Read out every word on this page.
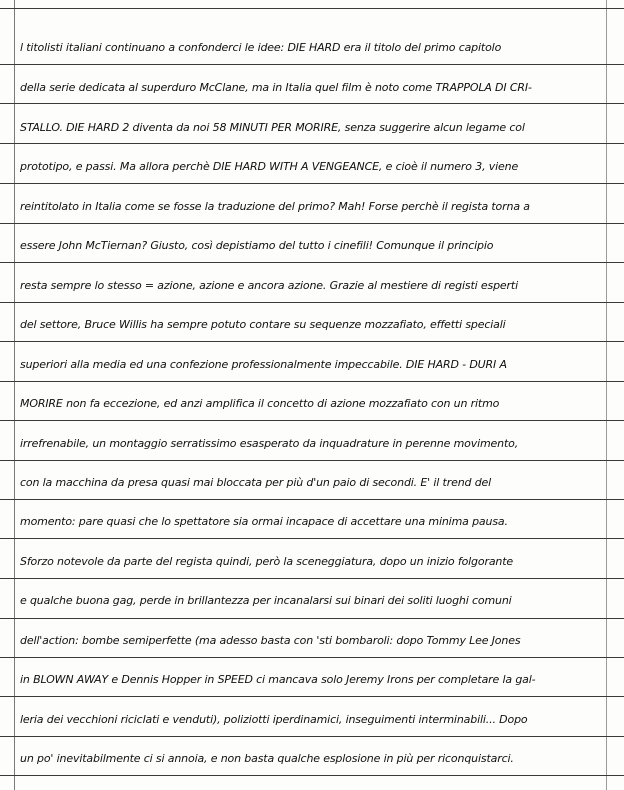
l titolisti italiani continuano a confonderci le idee: DIE HARD era il titolo del primo capitolo
della serie dedicata al superduro McClane, ma in Italia quel film è noto come TRAPPOLA DI CRI-
STALLO. DIE HARD 2 diventa da noi 58 MINUTI PER MORIRE, senza suggerire alcun legame col
prototipo, e passi. Ma allora perchè DIE HARD WITH A VENGEANCE, e cioè il numero 3, viene
reintitolato in Italia come se fosse la traduzione del primo? Mah! Forse perchè il regista torna a
essere John McTiernan? Giusto, così depistiamo del tutto i cinefili! Comunque il principio
resta sempre lo stesso = azione, azione e ancora azione. Grazie al mestiere di registi esperti
del settore, Bruce Willis ha sempre potuto contare su sequenze mozzafiato, effetti speciali
superiori alla media ed una confezione professionalmente impeccabile. DIE HARD - DURI A
MORIRE non fa eccezione, ed anzi amplifica il concetto di azione mozzafiato con un ritmo
irrefrenabile, un montaggio serratissimo esasperato da inquadrature in perenne movimento,
con la macchina da presa quasi mai bloccata per più d'un paio di secondi. E' il trend del
momento: pare quasi che lo spettatore sia ormai incapace di accettare una minima pausa.
Sforzo notevole da parte del regista quindi, però la sceneggiatura, dopo un inizio folgorante
e qualche buona gag, perde in brillantezza per incanalarsi sui binari dei soliti luoghi comuni
dell'action: bombe semiperfette (ma adesso basta con 'sti bombaroli: dopo Tommy Lee Jones
in BLOWN AWAY e Dennis Hopper in SPEED ci mancava solo Jeremy Irons per completare la gal-
leria dei vecchioni riciclati e venduti), poliziotti iperdinamici, inseguimenti interminabili... Dopo
un po' inevitabilmente ci si annoia, e non basta qualche esplosione in più per riconquistarci.
